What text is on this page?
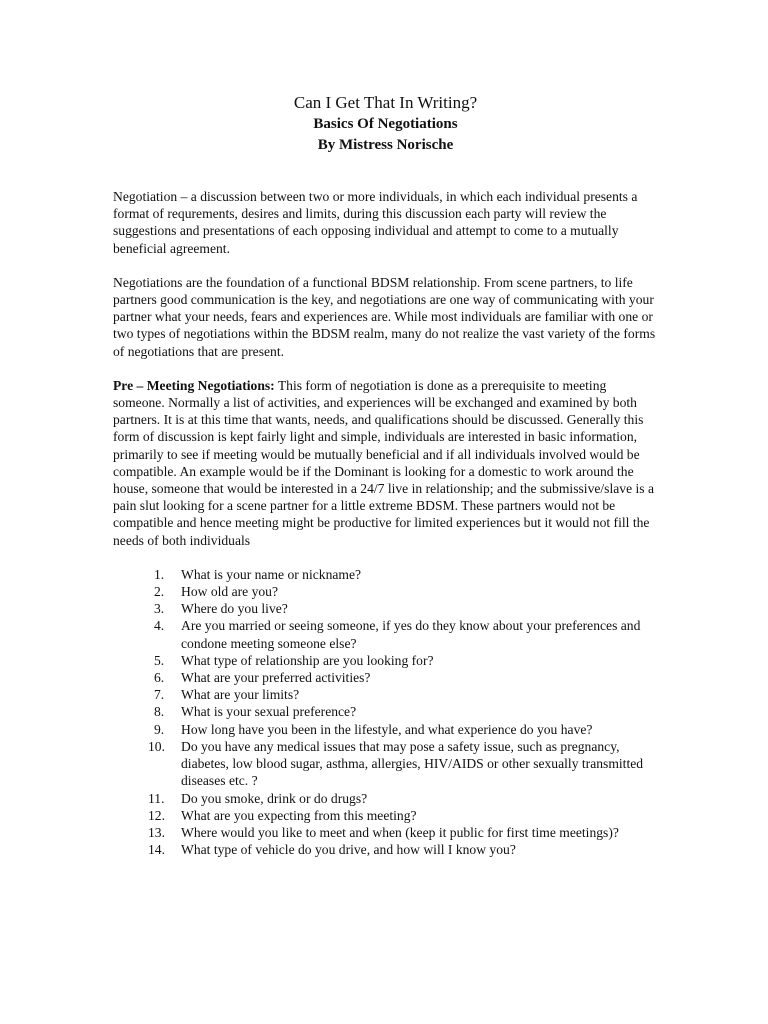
Can I Get That In Writing?
Basics Of Negotiations
By Mistress Norische

Negotiation – a discussion between two or more individuals, in which each individual presents a format of requrements, desires and limits, during this discussion each party will review the suggestions and presentations of each opposing individual and attempt to come to a mutually beneficial agreement.

Negotiations are the foundation of a functional BDSM relationship. From scene partners, to life partners good communication is the key, and negotiations are one way of communicating with your partner what your needs, fears and experiences are. While most individuals are familiar with one or two types of negotiations within the BDSM realm, many do not realize the vast variety of the forms of negotiations that are present.

Pre – Meeting Negotiations: This form of negotiation is done as a prerequisite to meeting someone. Normally a list of activities, and experiences will be exchanged and examined by both partners. It is at this time that wants, needs, and qualifications should be discussed. Generally this form of discussion is kept fairly light and simple, individuals are interested in basic information, primarily to see if meeting would be mutually beneficial and if all individuals involved would be compatible. An example would be if the Dominant is looking for a domestic to work around the house, someone that would be interested in a 24/7 live in relationship; and the submissive/slave is a pain slut looking for a scene partner for a little extreme BDSM. These partners would not be compatible and hence meeting might be productive for limited experiences but it would not fill the needs of both individuals

1.	What is your name or nickname?
2.	How old are you?
3.	Where do you live?
4.	Are you married or seeing someone, if yes do they know about your preferences and condone meeting someone else?
5.	What type of relationship are you looking for?
6.	What are your preferred activities?
7.	What are your limits?
8.	What is your sexual preference?
9.	How long have you been in the lifestyle, and what experience do you have?
10.	Do you have any medical issues that may pose a safety issue, such as pregnancy, diabetes, low blood sugar, asthma, allergies, HIV/AIDS or other sexually transmitted diseases etc. ?
11.	Do you smoke, drink or do drugs?
12.	What are you expecting from this meeting?
13.	Where would you like to meet and when (keep it public for first time meetings)?
14.	What type of vehicle do you drive, and how will I know you?
